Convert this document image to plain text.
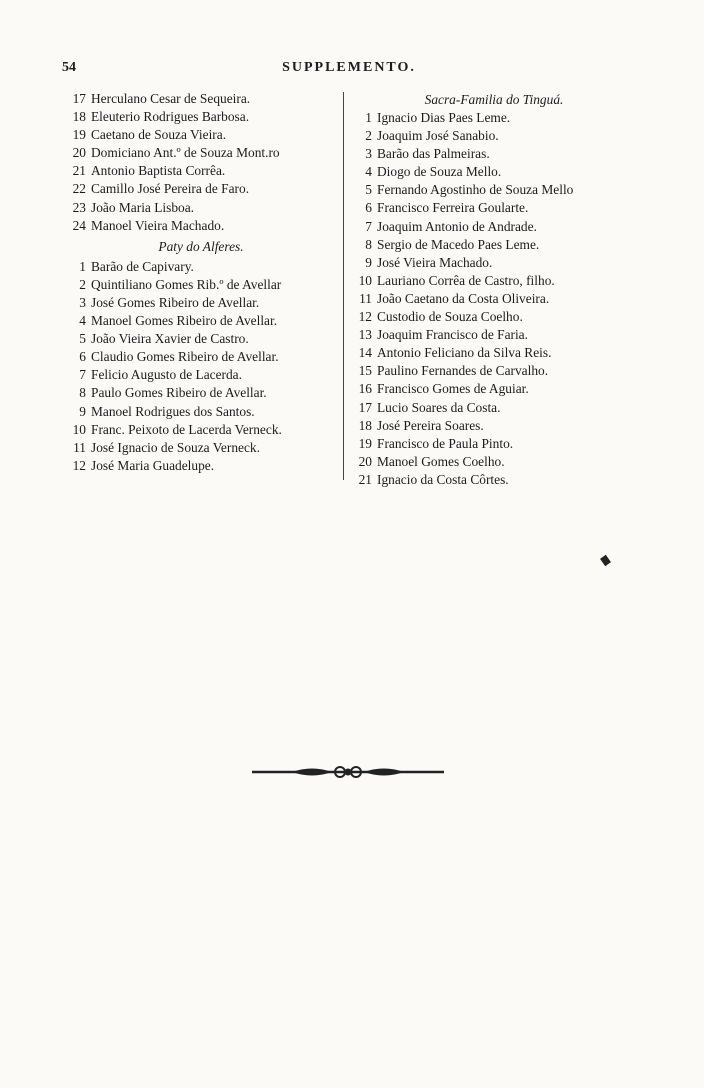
54	SUPPLEMENTO.
17 Herculano Cesar de Sequeira.
18 Eleuterio Rodrigues Barbosa.
19 Caetano de Souza Vieira.
20 Domiciano Ant.º de Souza Mont.ro
21 Antonio Baptista Corrêa.
22 Camillo José Pereira de Faro.
23 João Maria Lisboa.
24 Manoel Vieira Machado.
Paty do Alferes.
1 Barão de Capivary.
2 Quintiliano Gomes Rib.º de Avellar
3 José Gomes Ribeiro de Avellar.
4 Manoel Gomes Ribeiro de Avellar.
5 João Vieira Xavier de Castro.
6 Claudio Gomes Ribeiro de Avellar.
7 Felicio Augusto de Lacerda.
8 Paulo Gomes Ribeiro de Avellar.
9 Manoel Rodrigues dos Santos.
10 Franc. Peixoto de Lacerda Verneck.
11 José Ignacio de Souza Verneck.
12 José Maria Guadelupe.
Sacra-Familia do Tinguá.
1 Ignacio Dias Paes Leme.
2 Joaquim José Sanabio.
3 Barão das Palmeiras.
4 Diogo de Souza Mello.
5 Fernando Agostinho de Souza Mello
6 Francisco Ferreira Goularte.
7 Joaquim Antonio de Andrade.
8 Sergio de Macedo Paes Leme.
9 José Vieira Machado.
10 Lauriano Corrêa de Castro, filho.
11 João Caetano da Costa Oliveira.
12 Custodio de Souza Coelho.
13 Joaquim Francisco de Faria.
14 Antonio Feliciano da Silva Reis.
15 Paulino Fernandes de Carvalho.
16 Francisco Gomes de Aguiar.
17 Lucio Soares da Costa.
18 José Pereira Soares.
19 Francisco de Paula Pinto.
20 Manoel Gomes Coelho.
21 Ignacio da Costa Côrtes.
